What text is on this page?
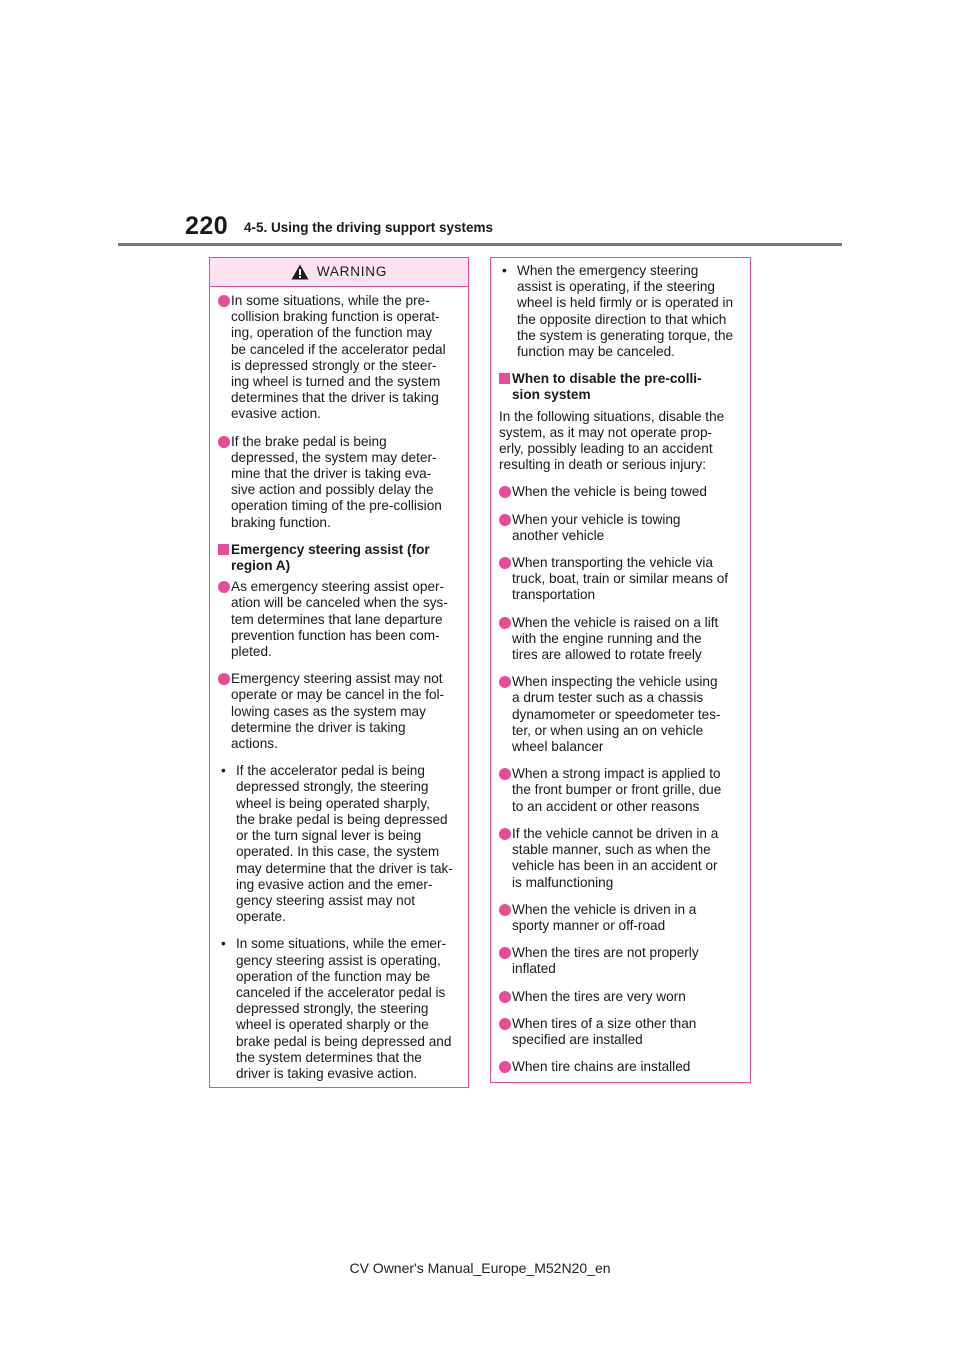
220 4-5. Using the driving support systems
WARNING
In some situations, while the pre-
collision braking function is operat-
ing, operation of the function may
be canceled if the accelerator pedal
is depressed strongly or the steer-
ing wheel is turned and the system
determines that the driver is taking
evasive action.
If the brake pedal is being
depressed, the system may deter-
mine that the driver is taking eva-
sive action and possibly delay the
operation timing of the pre-collision
braking function.
Emergency steering assist (for
region A)
As emergency steering assist oper-
ation will be canceled when the sys-
tem determines that lane departure
prevention function has been com-
pleted.
Emergency steering assist may not
operate or may be cancel in the fol-
lowing cases as the system may
determine the driver is taking
actions.
• If the accelerator pedal is being
depressed strongly, the steering
wheel is being operated sharply,
the brake pedal is being depressed
or the turn signal lever is being
operated. In this case, the system
may determine that the driver is tak-
ing evasive action and the emer-
gency steering assist may not
operate.
• In some situations, while the emer-
gency steering assist is operating,
operation of the function may be
canceled if the accelerator pedal is
depressed strongly, the steering
wheel is operated sharply or the
brake pedal is being depressed and
the system determines that the
driver is taking evasive action.
• When the emergency steering
assist is operating, if the steering
wheel is held firmly or is operated in
the opposite direction to that which
the system is generating torque, the
function may be canceled.
When to disable the pre-colli-
sion system
In the following situations, disable the
system, as it may not operate prop-
erly, possibly leading to an accident
resulting in death or serious injury:
When the vehicle is being towed
When your vehicle is towing
another vehicle
When transporting the vehicle via
truck, boat, train or similar means of
transportation
When the vehicle is raised on a lift
with the engine running and the
tires are allowed to rotate freely
When inspecting the vehicle using
a drum tester such as a chassis
dynamometer or speedometer tes-
ter, or when using an on vehicle
wheel balancer
When a strong impact is applied to
the front bumper or front grille, due
to an accident or other reasons
If the vehicle cannot be driven in a
stable manner, such as when the
vehicle has been in an accident or
is malfunctioning
When the vehicle is driven in a
sporty manner or off-road
When the tires are not properly
inflated
When the tires are very worn
When tires of a size other than
specified are installed
When tire chains are installed
CV Owner's Manual_Europe_M52N20_en
